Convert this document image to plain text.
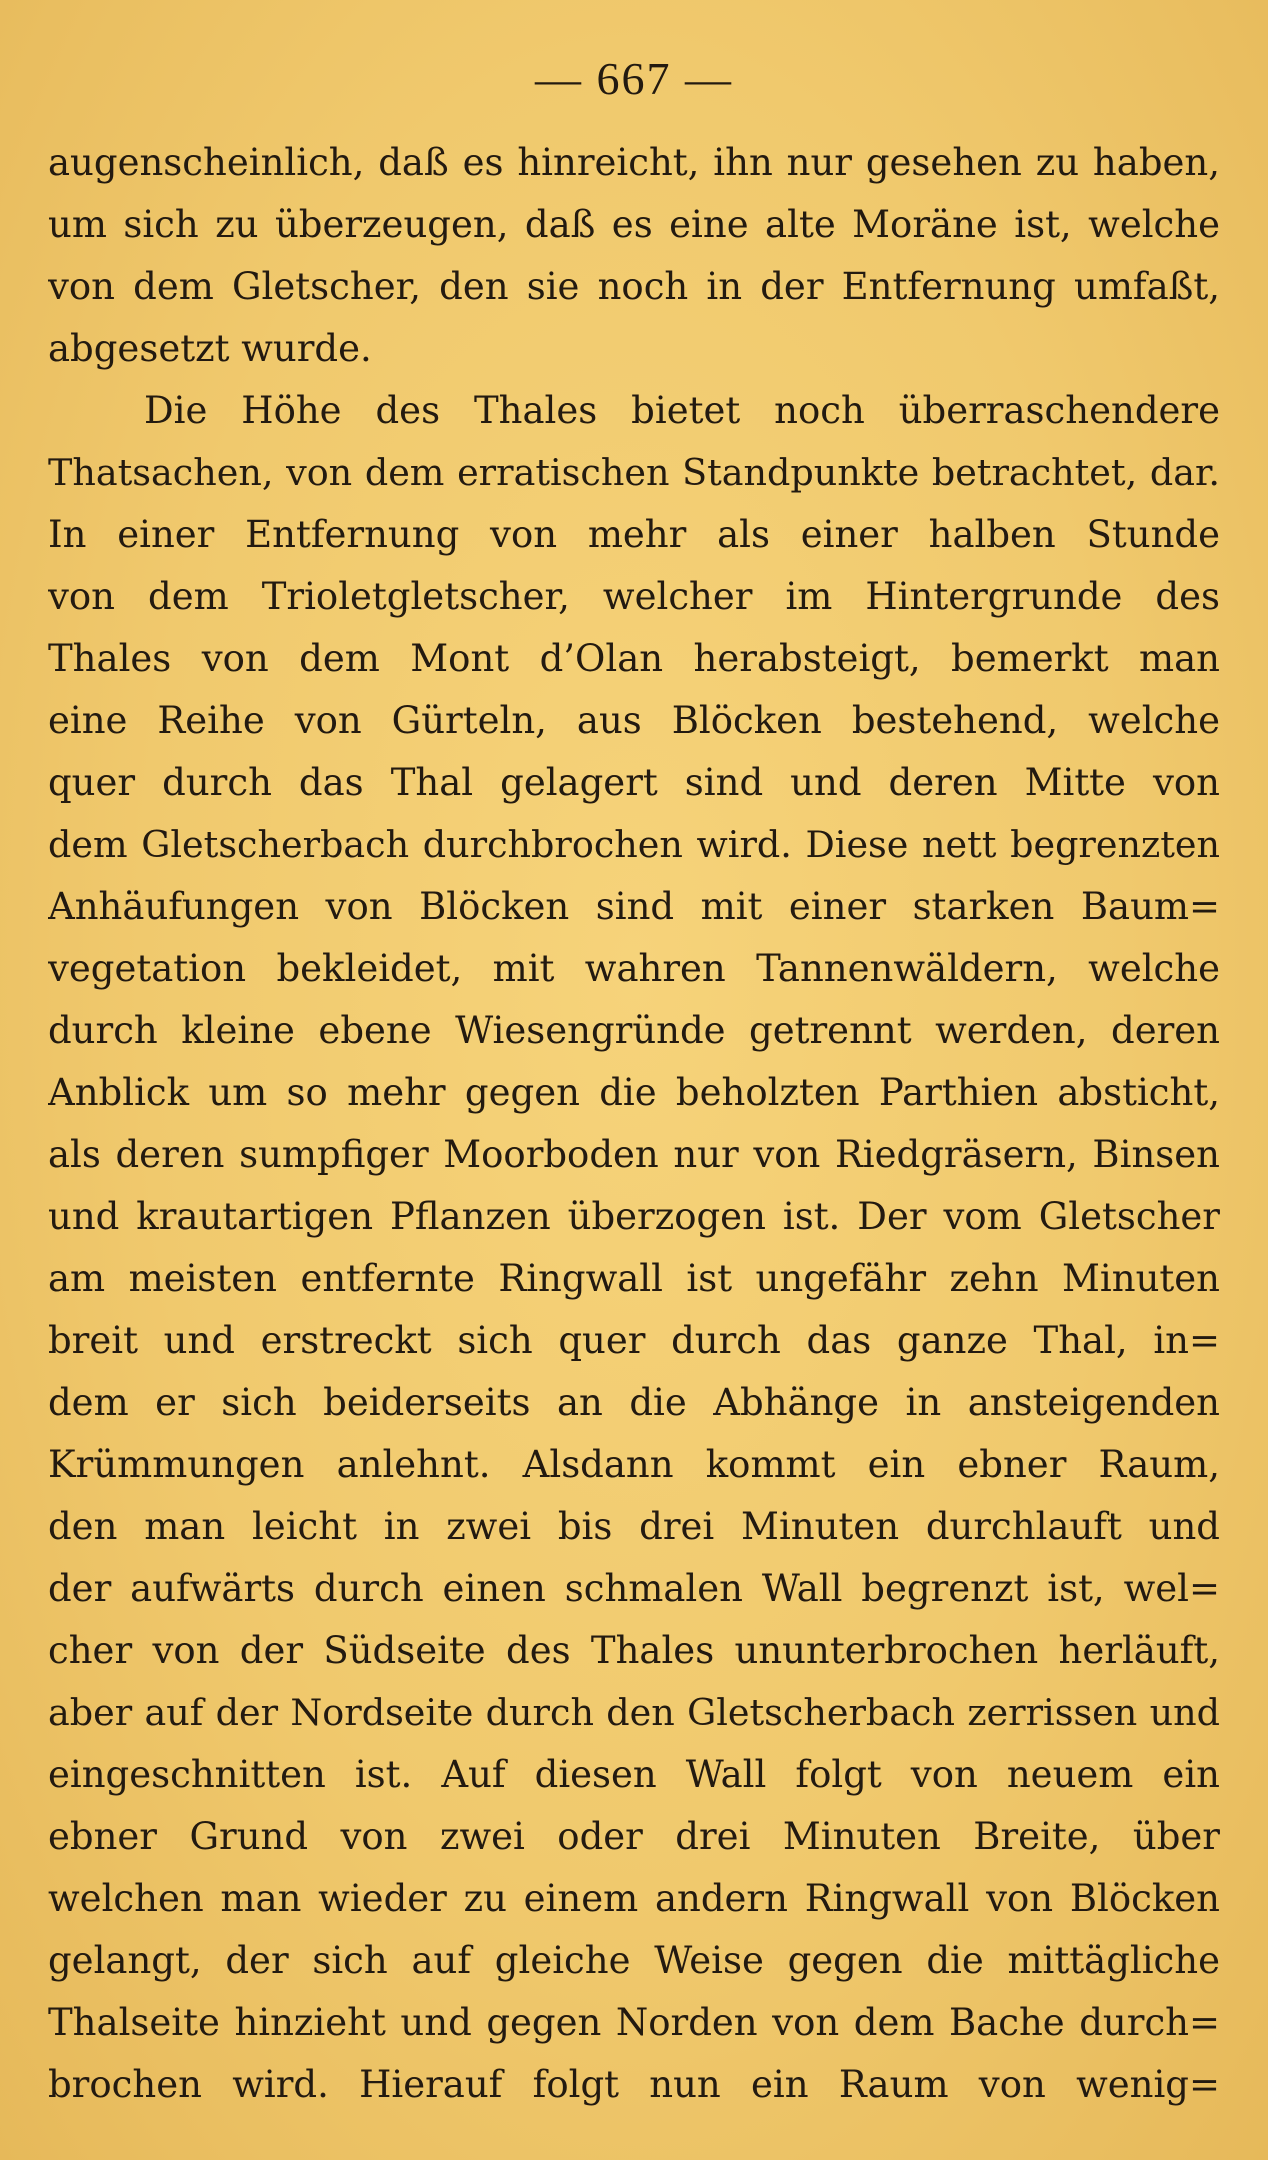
— 667 —
augenscheinlich, daß es hinreicht, ihn nur gesehen zu haben,
um sich zu überzeugen, daß es eine alte Moräne ist, welche
von dem Gletscher, den sie noch in der Entfernung umfaßt,
abgesetzt wurde.
Die Höhe des Thales bietet noch überraschendere
Thatsachen, von dem erratischen Standpunkte betrachtet, dar.
In einer Entfernung von mehr als einer halben Stunde
von dem Trioletgletscher, welcher im Hintergrunde des
Thales von dem Mont d’Olan herabsteigt, bemerkt man
eine Reihe von Gürteln, aus Blöcken bestehend, welche
quer durch das Thal gelagert sind und deren Mitte von
dem Gletscherbach durchbrochen wird. Diese nett begrenzten
Anhäufungen von Blöcken sind mit einer starken Baum=
vegetation bekleidet, mit wahren Tannenwäldern, welche
durch kleine ebene Wiesengründe getrennt werden, deren
Anblick um so mehr gegen die beholzten Parthien absticht,
als deren sumpfiger Moorboden nur von Riedgräsern, Binsen
und krautartigen Pflanzen überzogen ist. Der vom Gletscher
am meisten entfernte Ringwall ist ungefähr zehn Minuten
breit und erstreckt sich quer durch das ganze Thal, in=
dem er sich beiderseits an die Abhänge in ansteigenden
Krümmungen anlehnt. Alsdann kommt ein ebner Raum,
den man leicht in zwei bis drei Minuten durchlauft und
der aufwärts durch einen schmalen Wall begrenzt ist, wel=
cher von der Südseite des Thales ununterbrochen herläuft,
aber auf der Nordseite durch den Gletscherbach zerrissen und
eingeschnitten ist. Auf diesen Wall folgt von neuem ein
ebner Grund von zwei oder drei Minuten Breite, über
welchen man wieder zu einem andern Ringwall von Blöcken
gelangt, der sich auf gleiche Weise gegen die mittägliche
Thalseite hinzieht und gegen Norden von dem Bache durch=
brochen wird. Hierauf folgt nun ein Raum von wenig=
